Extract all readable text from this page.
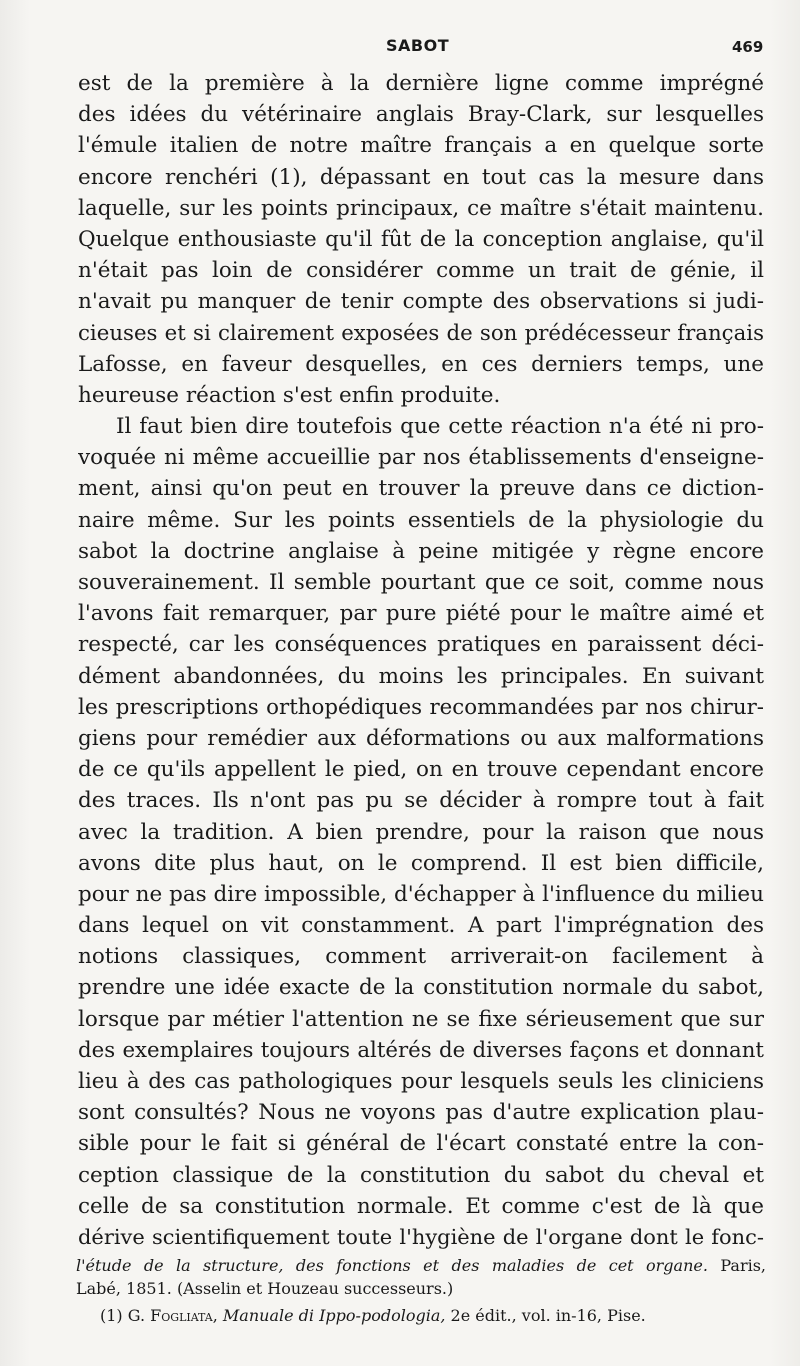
SABOT	469
est de la première à la dernière ligne comme imprégné
des idées du vétérinaire anglais Bray-Clark, sur lesquelles
l'émule italien de notre maître français a en quelque sorte
encore renchéri (1), dépassant en tout cas la mesure dans
laquelle, sur les points principaux, ce maître s'était maintenu.
Quelque enthousiaste qu'il fût de la conception anglaise, qu'il
n'était pas loin de considérer comme un trait de génie, il
n'avait pu manquer de tenir compte des observations si judi-
cieuses et si clairement exposées de son prédécesseur français
Lafosse, en faveur desquelles, en ces derniers temps, une
heureuse réaction s'est enfin produite.
Il faut bien dire toutefois que cette réaction n'a été ni pro-
voquée ni même accueillie par nos établissements d'enseigne-
ment, ainsi qu'on peut en trouver la preuve dans ce diction-
naire même. Sur les points essentiels de la physiologie du
sabot la doctrine anglaise à peine mitigée y règne encore
souverainement. Il semble pourtant que ce soit, comme nous
l'avons fait remarquer, par pure piété pour le maître aimé et
respecté, car les conséquences pratiques en paraissent déci-
dément abandonnées, du moins les principales. En suivant
les prescriptions orthopédiques recommandées par nos chirur-
giens pour remédier aux déformations ou aux malformations
de ce qu'ils appellent le pied, on en trouve cependant encore
des traces. Ils n'ont pas pu se décider à rompre tout à fait
avec la tradition. A bien prendre, pour la raison que nous
avons dite plus haut, on le comprend. Il est bien difficile,
pour ne pas dire impossible, d'échapper à l'influence du milieu
dans lequel on vit constamment. A part l'imprégnation des
notions classiques, comment arriverait-on facilement à
prendre une idée exacte de la constitution normale du sabot,
lorsque par métier l'attention ne se fixe sérieusement que sur
des exemplaires toujours altérés de diverses façons et donnant
lieu à des cas pathologiques pour lesquels seuls les cliniciens
sont consultés? Nous ne voyons pas d'autre explication plau-
sible pour le fait si général de l'écart constaté entre la con-
ception classique de la constitution du sabot du cheval et
celle de sa constitution normale. Et comme c'est de là que
dérive scientifiquement toute l'hygiène de l'organe dont le fonc-
l'étude de la structure, des fonctions et des maladies de cet organe. Paris,
Labé, 1851. (Asselin et Houzeau successeurs.)
(1) G. Fogliata, Manuale di Ippo-podologia, 2e édit., vol. in-16, Pise.
